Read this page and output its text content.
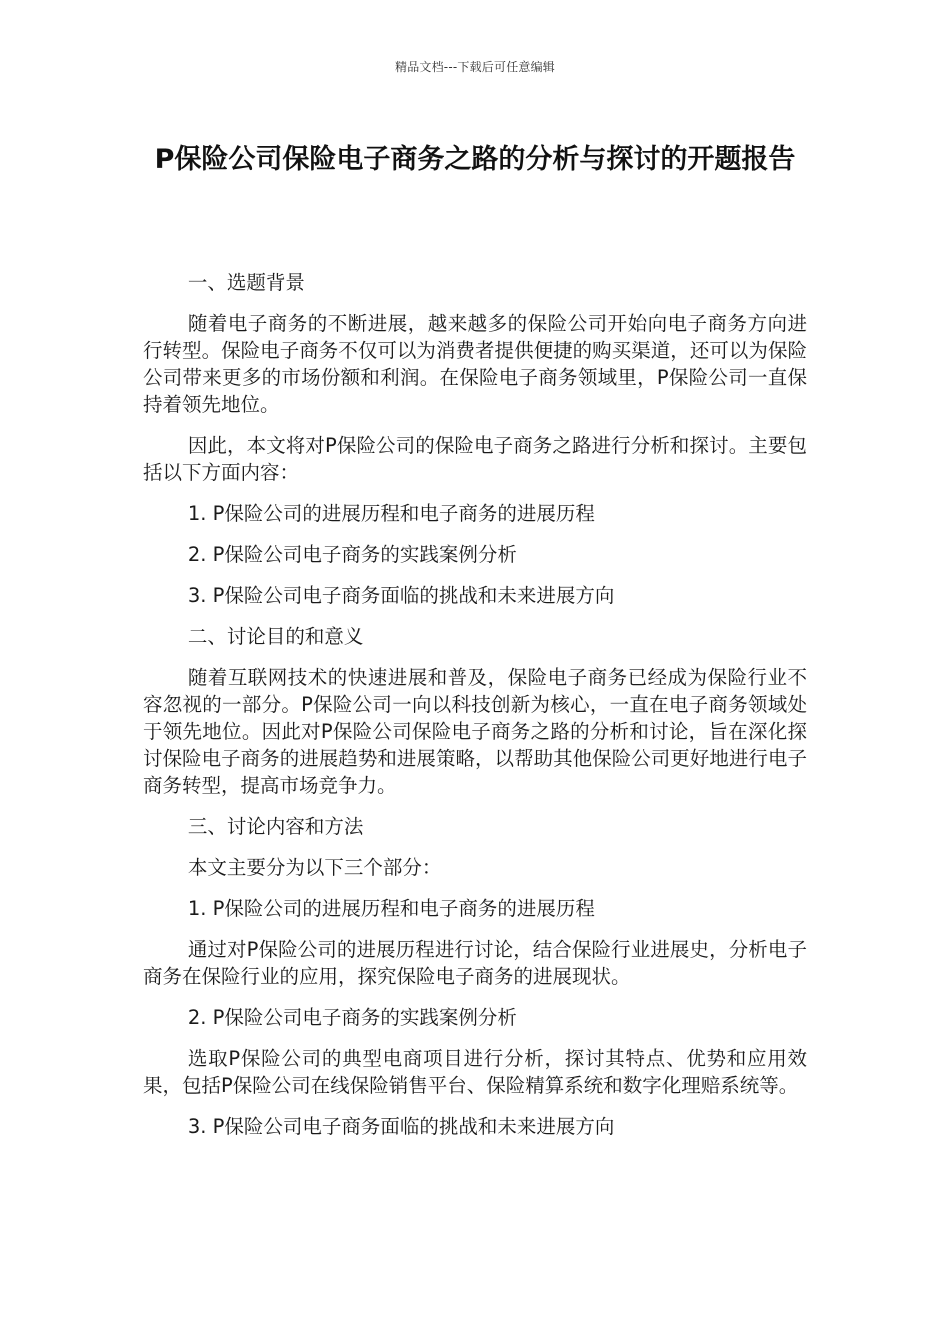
精品文档---下载后可任意编辑
P保险公司保险电子商务之路的分析与探讨的开题报告

一、选题背景

随着电子商务的不断进展，越来越多的保险公司开始向电子商务方向进行转型。保险电子商务不仅可以为消费者提供便捷的购买渠道，还可以为保险公司带来更多的市场份额和利润。在保险电子商务领域里，P保险公司一直保持着领先地位。

因此，本文将对P保险公司的保险电子商务之路进行分析和探讨。主要包括以下方面内容：

1. P保险公司的进展历程和电子商务的进展历程

2. P保险公司电子商务的实践案例分析

3. P保险公司电子商务面临的挑战和未来进展方向

二、讨论目的和意义

随着互联网技术的快速进展和普及，保险电子商务已经成为保险行业不容忽视的一部分。P保险公司一向以科技创新为核心，一直在电子商务领域处于领先地位。因此对P保险公司保险电子商务之路的分析和讨论，旨在深化探讨保险电子商务的进展趋势和进展策略，以帮助其他保险公司更好地进行电子商务转型，提高市场竞争力。

三、讨论内容和方法

本文主要分为以下三个部分：

1. P保险公司的进展历程和电子商务的进展历程

通过对P保险公司的进展历程进行讨论，结合保险行业进展史，分析电子商务在保险行业的应用，探究保险电子商务的进展现状。

2. P保险公司电子商务的实践案例分析

选取P保险公司的典型电商项目进行分析，探讨其特点、优势和应用效果，包括P保险公司在线保险销售平台、保险精算系统和数字化理赔系统等。

3. P保险公司电子商务面临的挑战和未来进展方向
